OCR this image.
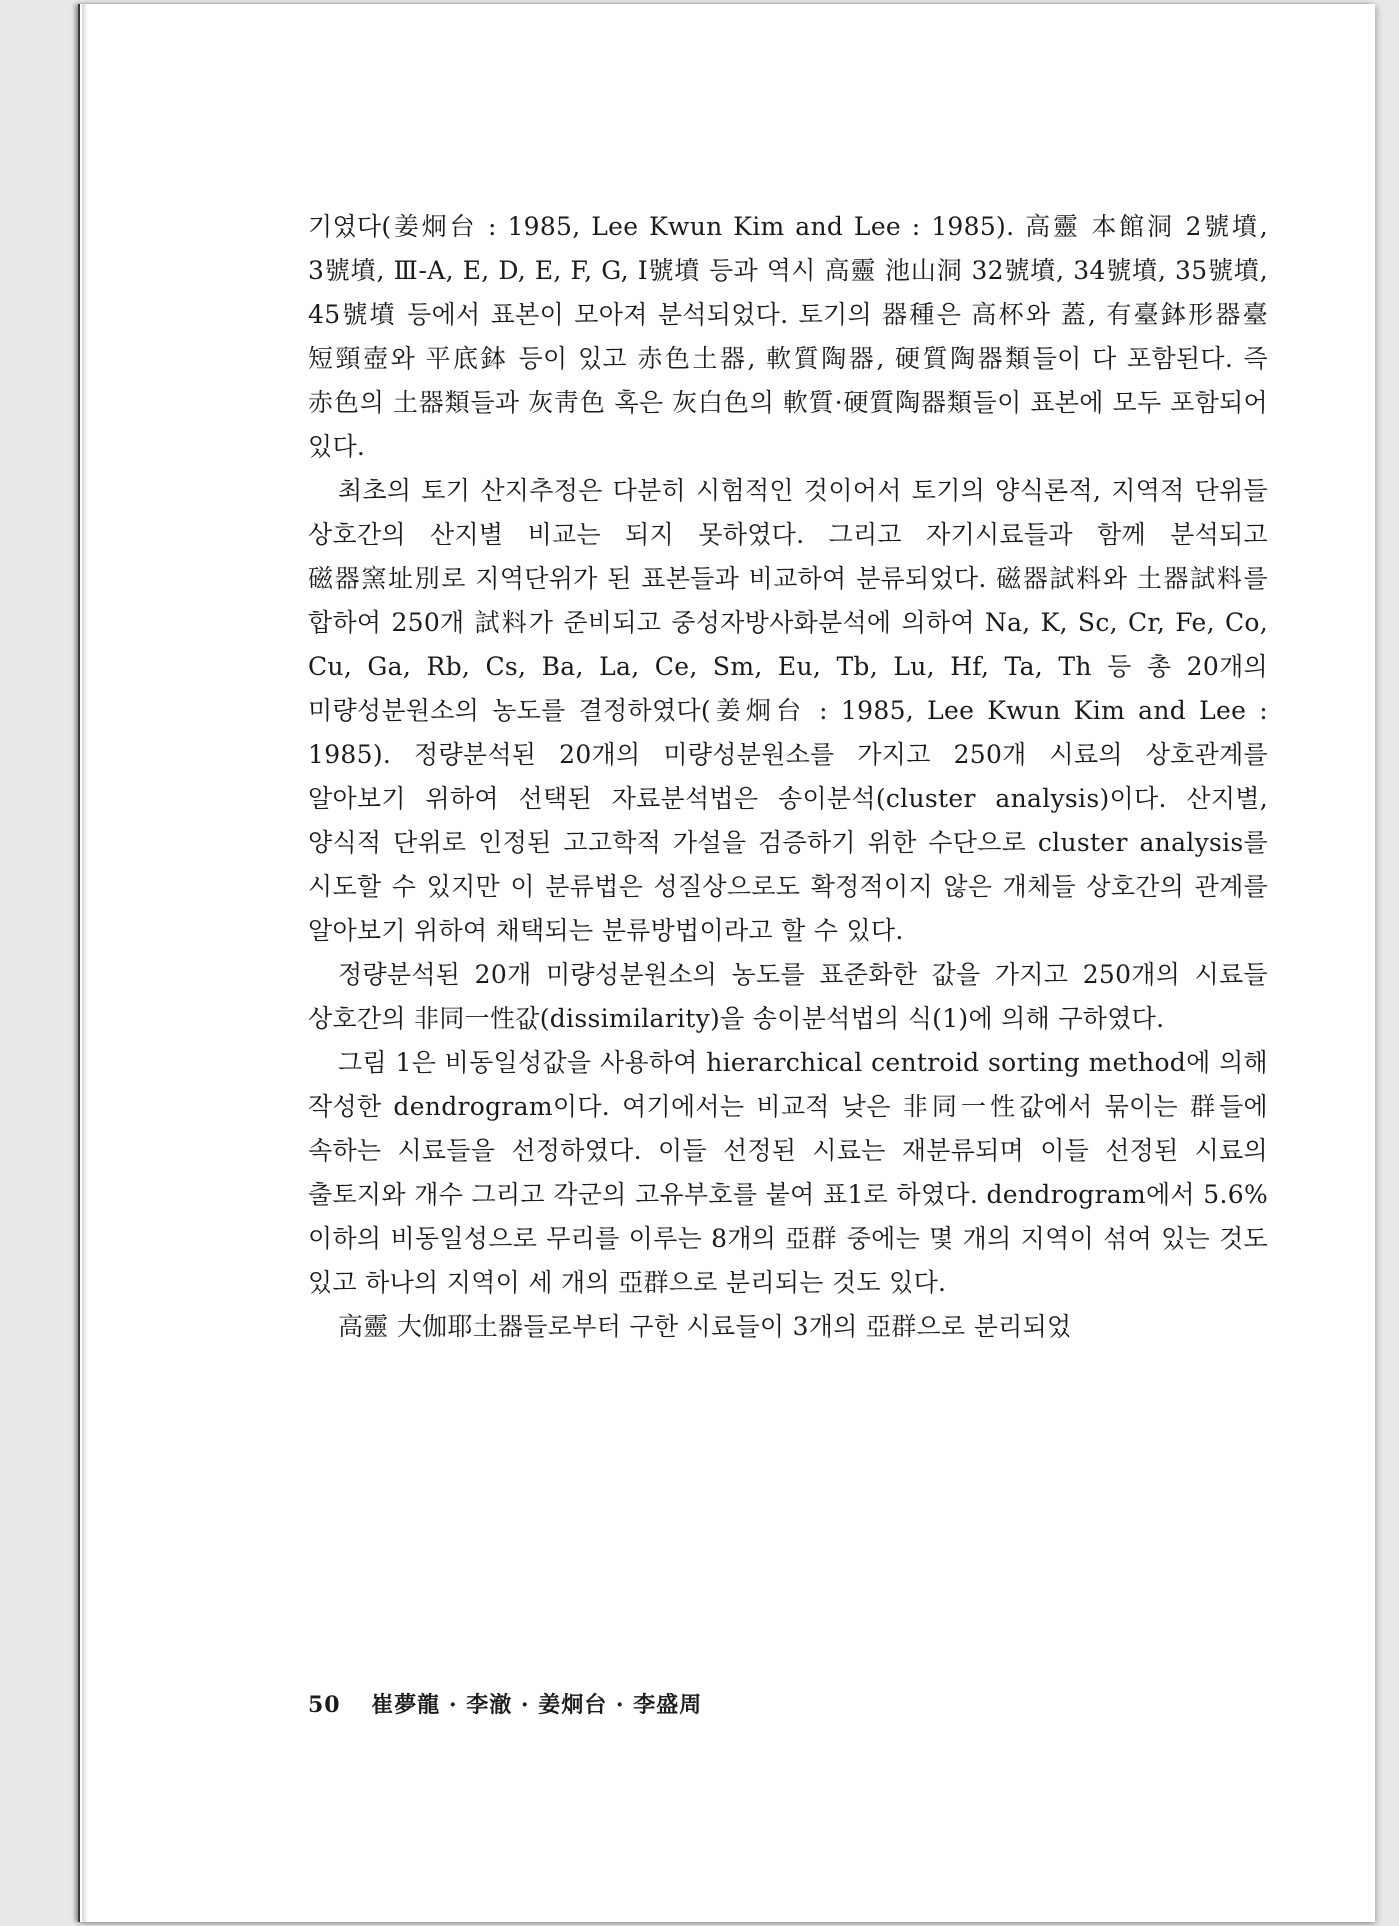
기였다(姜炯台 : 1985, Lee Kwun Kim and Lee : 1985). 高靈 本館洞 2號墳, 3號墳, Ⅲ-A, E, D, E, F, G, I號墳 등과 역시 高靈 池山洞 32號墳, 34號墳, 35號墳, 45號墳 등에서 표본이 모아져 분석되었다. 토기의 器種은 高杯와 蓋, 有臺鉢形器臺 短頸壺와 平底鉢 등이 있고 赤色土器, 軟質陶器, 硬質陶器類들이 다 포함된다. 즉 赤色의 土器類들과 灰靑色 혹은 灰白色의 軟質·硬質陶器類들이 표본에 모두 포함되어 있다.

최초의 토기 산지추정은 다분히 시험적인 것이어서 토기의 양식론적, 지역적 단위들 상호간의 산지별 비교는 되지 못하였다. 그리고 자기시료들과 함께 분석되고 磁器窯址別로 지역단위가 된 표본들과 비교하여 분류되었다. 磁器試料와 土器試料를 합하여 250개 試料가 준비되고 중성자방사화분석에 의하여 Na, K, Sc, Cr, Fe, Co, Cu, Ga, Rb, Cs, Ba, La, Ce, Sm, Eu, Tb, Lu, Hf, Ta, Th 등 총 20개의 미량성분원소의 농도를 결정하였다(姜炯台 : 1985, Lee Kwun Kim and Lee : 1985). 정량분석된 20개의 미량성분원소를 가지고 250개 시료의 상호관계를 알아보기 위하여 선택된 자료분석법은 송이분석(cluster analysis)이다. 산지별, 양식적 단위로 인정된 고고학적 가설을 검증하기 위한 수단으로 cluster analysis를 시도할 수 있지만 이 분류법은 성질상으로도 확정적이지 않은 개체들 상호간의 관계를 알아보기 위하여 채택되는 분류방법이라고 할 수 있다.

정량분석된 20개 미량성분원소의 농도를 표준화한 값을 가지고 250개의 시료들 상호간의 非同一性값(dissimilarity)을 송이분석법의 식(1)에 의해 구하였다.

그림 1은 비동일성값을 사용하여 hierarchical centroid sorting method에 의해 작성한 dendrogram이다. 여기에서는 비교적 낮은 非同一性값에서 묶이는 群들에 속하는 시료들을 선정하였다. 이들 선정된 시료는 재분류되며 이들 선정된 시료의 출토지와 개수 그리고 각군의 고유부호를 붙여 표1로 하였다. dendrogram에서 5.6% 이하의 비동일성으로 무리를 이루는 8개의 亞群 중에는 몇 개의 지역이 섞여 있는 것도 있고 하나의 지역이 세 개의 亞群으로 분리되는 것도 있다.

高靈 大伽耶土器들로부터 구한 시료들이 3개의 亞群으로 분리되었

50 崔夢龍 · 李澈 · 姜炯台 · 李盛周
